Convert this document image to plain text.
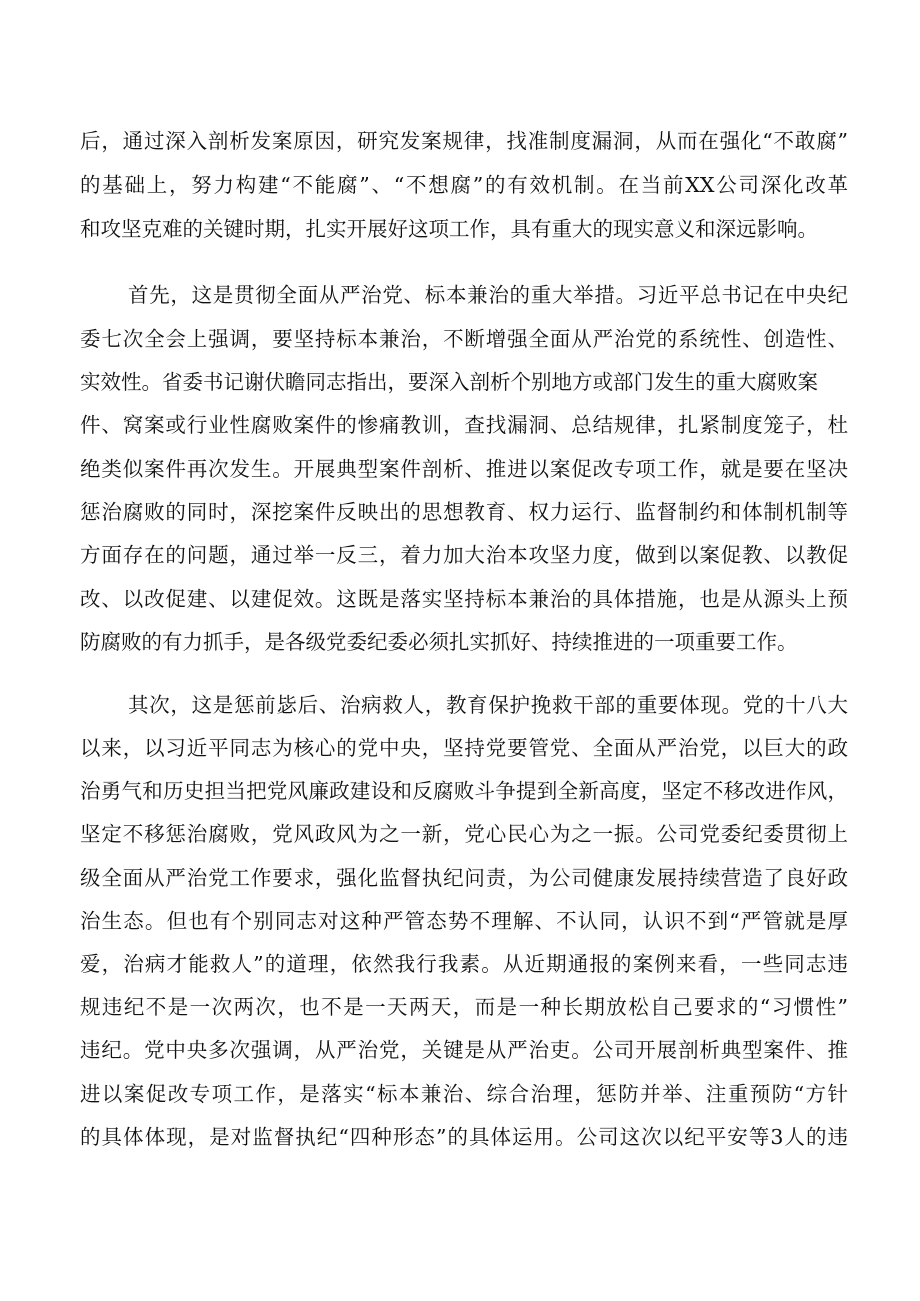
后，通过深入剖析发案原因，研究发案规律，找准制度漏洞，从而在强化“不敢腐”
的基础上，努力构建“不能腐”、“不想腐”的有效机制。在当前XX公司深化改革
和攻坚克难的关键时期，扎实开展好这项工作，具有重大的现实意义和深远影响。
首先，这是贯彻全面从严治党、标本兼治的重大举措。习近平总书记在中央纪
委七次全会上强调，要坚持标本兼治，不断增强全面从严治党的系统性、创造性、
实效性。省委书记谢伏瞻同志指出，要深入剖析个别地方或部门发生的重大腐败案
件、窝案或行业性腐败案件的惨痛教训，查找漏洞、总结规律，扎紧制度笼子，杜
绝类似案件再次发生。开展典型案件剖析、推进以案促改专项工作，就是要在坚决
惩治腐败的同时，深挖案件反映出的思想教育、权力运行、监督制约和体制机制等
方面存在的问题，通过举一反三，着力加大治本攻坚力度，做到以案促教、以教促
改、以改促建、以建促效。这既是落实坚持标本兼治的具体措施，也是从源头上预
防腐败的有力抓手，是各级党委纪委必须扎实抓好、持续推进的一项重要工作。
其次，这是惩前毖后、治病救人，教育保护挽救干部的重要体现。党的十八大
以来，以习近平同志为核心的党中央，坚持党要管党、全面从严治党，以巨大的政
治勇气和历史担当把党风廉政建设和反腐败斗争提到全新高度，坚定不移改进作风，
坚定不移惩治腐败，党风政风为之一新，党心民心为之一振。公司党委纪委贯彻上
级全面从严治党工作要求，强化监督执纪问责，为公司健康发展持续营造了良好政
治生态。但也有个别同志对这种严管态势不理解、不认同，认识不到“严管就是厚
爱，治病才能救人”的道理，依然我行我素。从近期通报的案例来看，一些同志违
规违纪不是一次两次，也不是一天两天，而是一种长期放松自己要求的“习惯性”
违纪。党中央多次强调，从严治党，关键是从严治吏。公司开展剖析典型案件、推
进以案促改专项工作，是落实“标本兼治、综合治理，惩防并举、注重预防“方针
的具体体现，是对监督执纪“四种形态”的具体运用。公司这次以纪平安等3人的违
